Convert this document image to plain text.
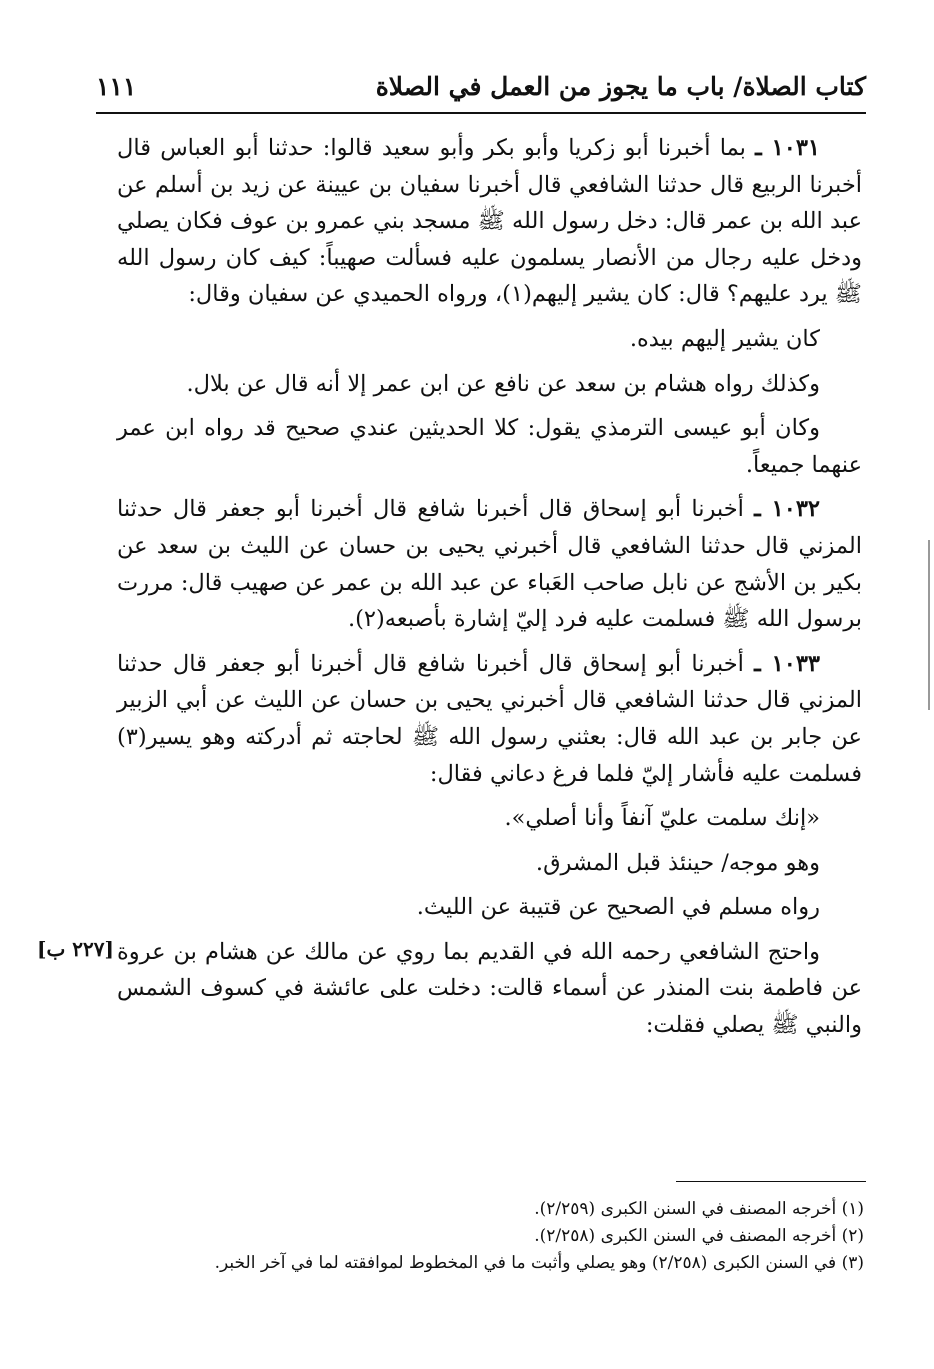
كتاب الصلاة/ باب ما يجوز من العمل في الصلاة
١١١

١٠٣١ ـ بما أخبرنا أبو زكريا وأبو بكر وأبو سعيد قالوا: حدثنا أبو العباس قال أخبرنا الربيع قال حدثنا الشافعي قال أخبرنا سفيان بن عيينة عن زيد بن أسلم عن عبد الله بن عمر قال: دخل رسول الله ﷺ مسجد بني عمرو بن عوف فكان يصلي ودخل عليه رجال من الأنصار يسلمون عليه فسألت صهيباً: كيف كان رسول الله ﷺ يرد عليهم؟ قال: كان يشير إليهم(١)، ورواه الحميدي عن سفيان وقال:

كان يشير إليهم بيده.

وكذلك رواه هشام بن سعد عن نافع عن ابن عمر إلا أنه قال عن بلال.

وكان أبو عيسى الترمذي يقول: كلا الحديثين عندي صحيح قد رواه ابن عمر عنهما جميعاً.

١٠٣٢ ـ أخبرنا أبو إسحاق قال أخبرنا شافع قال أخبرنا أبو جعفر قال حدثنا المزني قال حدثنا الشافعي قال أخبرني يحيى بن حسان عن الليث بن سعد عن بكير بن الأشج عن نابل صاحب العَباء عن عبد الله بن عمر عن صهيب قال: مررت برسول الله ﷺ فسلمت عليه فرد إليّ إشارة بأصبعه(٢).

١٠٣٣ ـ أخبرنا أبو إسحاق قال أخبرنا شافع قال أخبرنا أبو جعفر قال حدثنا المزني قال حدثنا الشافعي قال أخبرني يحيى بن حسان عن الليث عن أبي الزبير عن جابر بن عبد الله قال: بعثني رسول الله ﷺ لحاجته ثم أدركته وهو يسير(٣) فسلمت عليه فأشار إليّ فلما فرغ دعاني فقال:

«إنك سلمت عليّ آنفاً وأنا أصلي».

وهو موجه/ حينئذ قبل المشرق.

رواه مسلم في الصحيح عن قتيبة عن الليث.

واحتج الشافعي رحمه الله في القديم بما روي عن مالك عن هشام بن عروة عن فاطمة بنت المنذر عن أسماء قالت: دخلت على عائشة في كسوف الشمس والنبي ﷺ يصلي فقلت:

[٢٢٧ ب]
(١) أخرجه المصنف في السنن الكبرى (٢/٢٥٩).
(٢) أخرجه المصنف في السنن الكبرى (٢/٢٥٨).
(٣) في السنن الكبرى (٢/٢٥٨) وهو يصلي وأثبت ما في المخطوط لموافقته لما في آخر الخبر.
